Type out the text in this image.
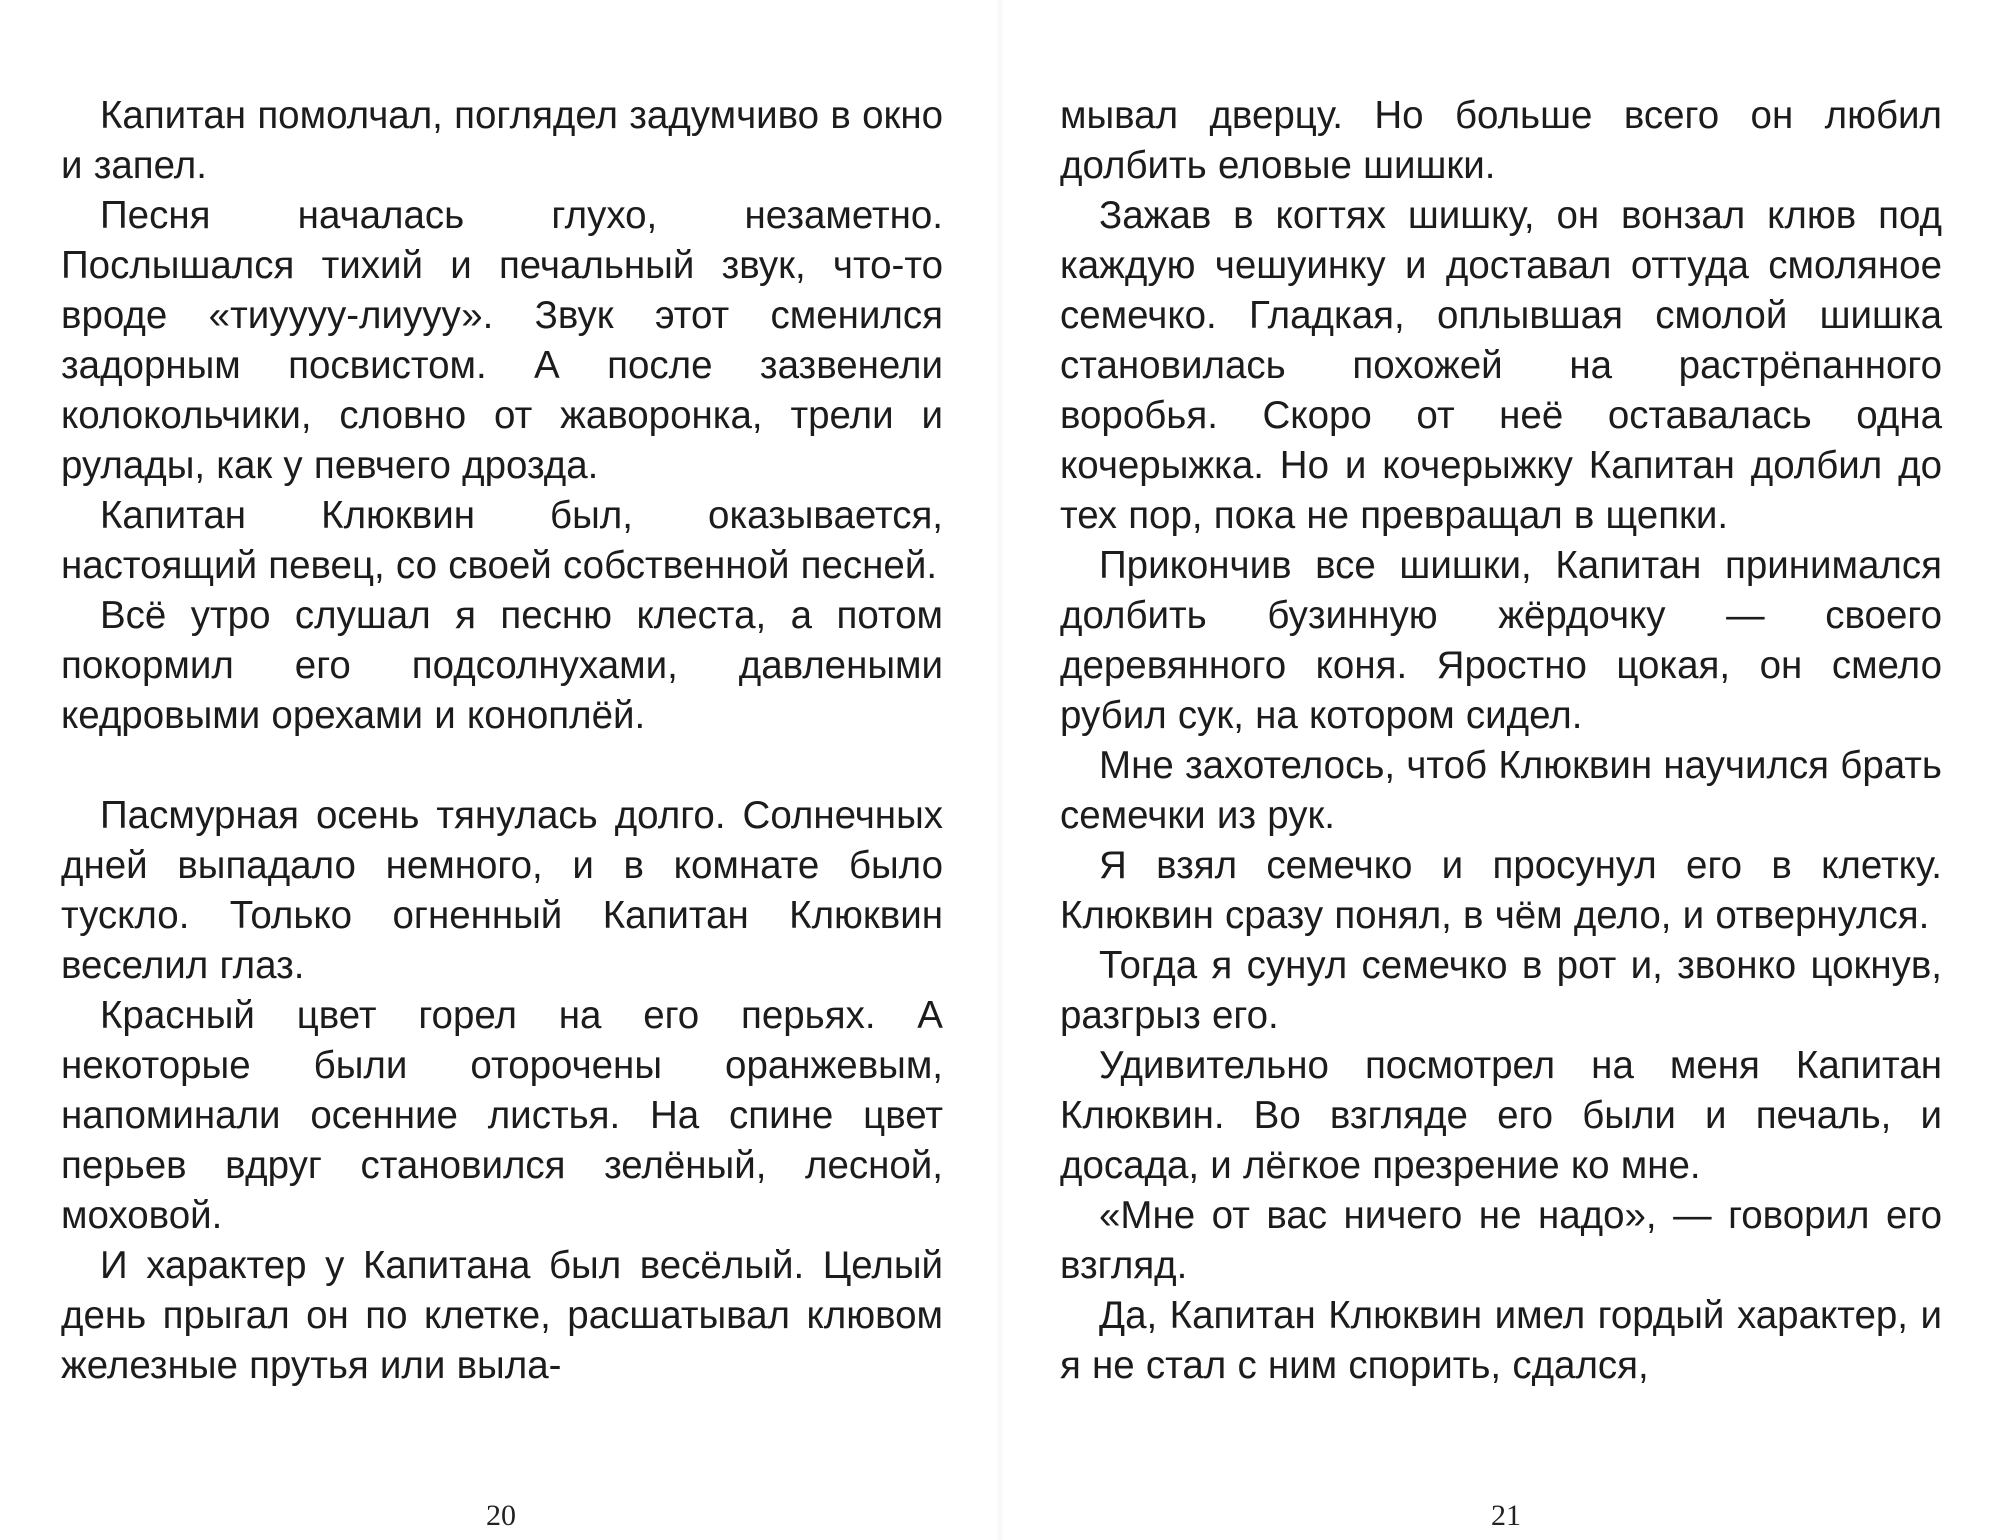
Капитан помолчал, поглядел задумчиво в окно и запел.

Песня началась глухо, незаметно. Послышался тихий и печальный звук, что-то вроде «тиуууу-лиууу». Звук этот сменился задорным посвистом. А после зазвенели колокольчики, словно от жаворонка, трели и рулады, как у певчего дрозда.

Капитан Клюквин был, оказывается, настоящий певец, со своей собственной песней.

Всё утро слушал я песню клеста, а потом покормил его подсолнухами, давлеными кедровыми орехами и коноплёй.

Пасмурная осень тянулась долго. Солнечных дней выпадало немного, и в комнате было тускло. Только огненный Капитан Клюквин веселил глаз.

Красный цвет горел на его перьях. А некоторые были оторочены оранжевым, напоминали осенние листья. На спине цвет перьев вдруг становился зелёный, лесной, моховой.

И характер у Капитана был весёлый. Целый день прыгал он по клетке, расшатывал клювом железные прутья или выла-

20

мывал дверцу. Но больше всего он любил долбить еловые шишки.

Зажав в когтях шишку, он вонзал клюв под каждую чешуинку и доставал оттуда смоляное семечко. Гладкая, оплывшая смолой шишка становилась похожей на растрёпанного воробья. Скоро от неё оставалась одна кочерыжка. Но и кочерыжку Капитан долбил до тех пор, пока не превращал в щепки.

Прикончив все шишки, Капитан принимался долбить бузинную жёрдочку — своего деревянного коня. Яростно цокая, он смело рубил сук, на котором сидел.

Мне захотелось, чтоб Клюквин научился брать семечки из рук.

Я взял семечко и просунул его в клетку. Клюквин сразу понял, в чём дело, и отвернулся.

Тогда я сунул семечко в рот и, звонко цокнув, разгрыз его.

Удивительно посмотрел на меня Капитан Клюквин. Во взгляде его были и печаль, и досада, и лёгкое презрение ко мне.

«Мне от вас ничего не надо», — говорил его взгляд.

Да, Капитан Клюквин имел гордый характер, и я не стал с ним спорить, сдался,

21
